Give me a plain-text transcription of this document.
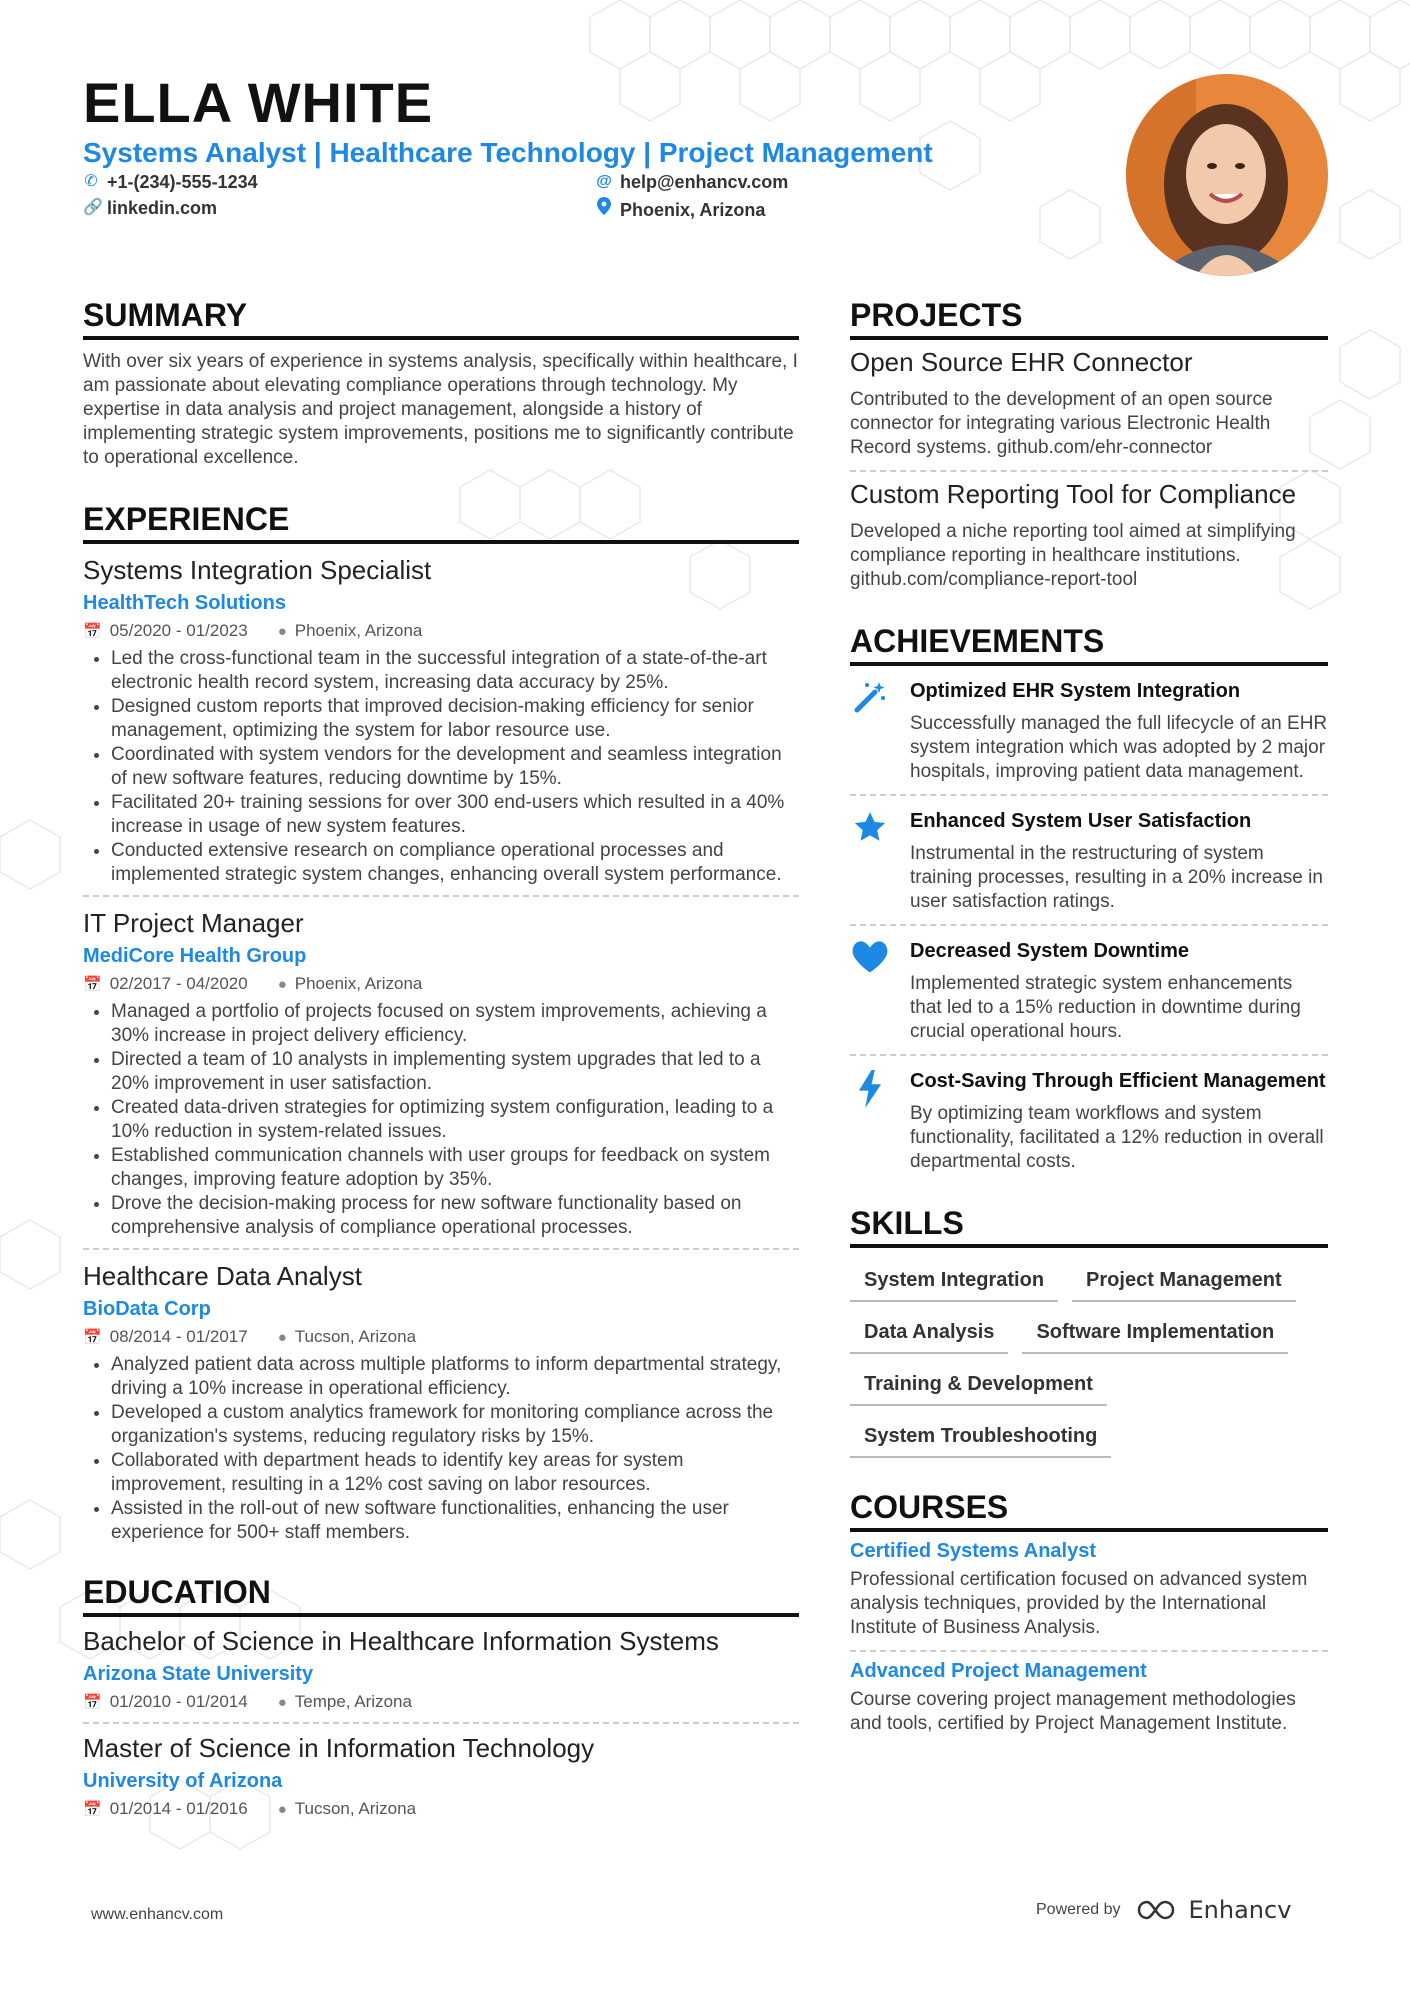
ELLA WHITE
Systems Analyst | Healthcare Technology | Project Management
✆ +1-(234)-555-1234	@ help@enhancv.com
🔗 linkedin.com	Phoenix, Arizona
SUMMARY

With over six years of experience in systems analysis, specifically within healthcare, I am passionate about elevating compliance operations through technology. My expertise in data analysis and project management, alongside a history of implementing strategic system improvements, positions me to significantly contribute to operational excellence.

EXPERIENCE
Systems Integration Specialist
HealthTech Solutions
📅 05/2020 - 01/2023 ● Phoenix, Arizona
• Led the cross-functional team in the successful integration of a state-of-the-art electronic health record system, increasing data accuracy by 25%.
• Designed custom reports that improved decision-making efficiency for senior management, optimizing the system for labor resource use.
• Coordinated with system vendors for the development and seamless integration of new software features, reducing downtime by 15%.
• Facilitated 20+ training sessions for over 300 end-users which resulted in a 40% increase in usage of new system features.
• Conducted extensive research on compliance operational processes and implemented strategic system changes, enhancing overall system performance.
IT Project Manager
MediCore Health Group
📅 02/2017 - 04/2020 ● Phoenix, Arizona
• Managed a portfolio of projects focused on system improvements, achieving a 30% increase in project delivery efficiency.
• Directed a team of 10 analysts in implementing system upgrades that led to a 20% improvement in user satisfaction.
• Created data-driven strategies for optimizing system configuration, leading to a 10% reduction in system-related issues.
• Established communication channels with user groups for feedback on system changes, improving feature adoption by 35%.
• Drove the decision-making process for new software functionality based on comprehensive analysis of compliance operational processes.
Healthcare Data Analyst
BioData Corp
📅 08/2014 - 01/2017 ● Tucson, Arizona
• Analyzed patient data across multiple platforms to inform departmental strategy, driving a 10% increase in operational efficiency.
• Developed a custom analytics framework for monitoring compliance across the organization's systems, reducing regulatory risks by 15%.
• Collaborated with department heads to identify key areas for system improvement, resulting in a 12% cost saving on labor resources.
• Assisted in the roll-out of new software functionalities, enhancing the user experience for 500+ staff members.
EDUCATION
Bachelor of Science in Healthcare Information Systems
Arizona State University
📅 01/2010 - 01/2014 ● Tempe, Arizona
Master of Science in Information Technology
University of Arizona
📅 01/2014 - 01/2016 ● Tucson, Arizona
PROJECTS
Open Source EHR Connector
Contributed to the development of an open source connector for integrating various Electronic Health Record systems. github.com/ehr-connector
Custom Reporting Tool for Compliance
Developed a niche reporting tool aimed at simplifying compliance reporting in healthcare institutions. github.com/compliance-report-tool
ACHIEVEMENTS
Optimized EHR System Integration
Successfully managed the full lifecycle of an EHR system integration which was adopted by 2 major hospitals, improving patient data management.
Enhanced System User Satisfaction
Instrumental in the restructuring of system training processes, resulting in a 20% increase in user satisfaction ratings.
Decreased System Downtime
Implemented strategic system enhancements that led to a 15% reduction in downtime during crucial operational hours.
Cost-Saving Through Efficient Management
By optimizing team workflows and system functionality, facilitated a 12% reduction in overall departmental costs.
SKILLS
System Integration	Project Management
Data Analysis	Software Implementation
Training & Development
System Troubleshooting
COURSES
Certified Systems Analyst
Professional certification focused on advanced system analysis techniques, provided by the International Institute of Business Analysis.
Advanced Project Management
Course covering project management methodologies and tools, certified by Project Management Institute.
www.enhancv.com	Powered by	Enhancv
